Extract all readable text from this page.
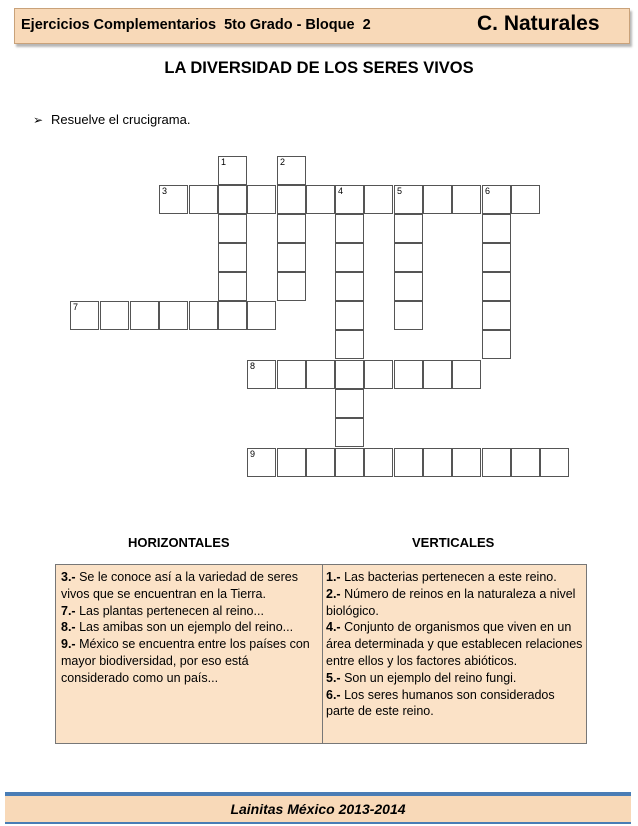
Ejercicios Complementarios  5to Grado - Bloque  2	C. Naturales
LA DIVERSIDAD DE LOS SERES VIVOS
➢ Resuelve el crucigrama.
1	2
3	4	5	6
7
8
9
HORIZONTALES	VERTICALES
3.- Se le conoce así a la variedad de seres vivos que se encuentran en la Tierra.
7.- Las plantas pertenecen al reino...
8.- Las amibas son un ejemplo del reino...
9.- México se encuentra entre los países con mayor biodiversidad, por eso está considerado como un país...
1.- Las bacterias pertenecen a este reino.
2.- Número de reinos en la naturaleza a nivel biológico.
4.- Conjunto de organismos que viven en un área determinada y que establecen relaciones entre ellos y los factores abióticos.
5.- Son un ejemplo del reino fungi.
6.- Los seres humanos son considerados parte de este reino.
Lainitas México 2013-2014
